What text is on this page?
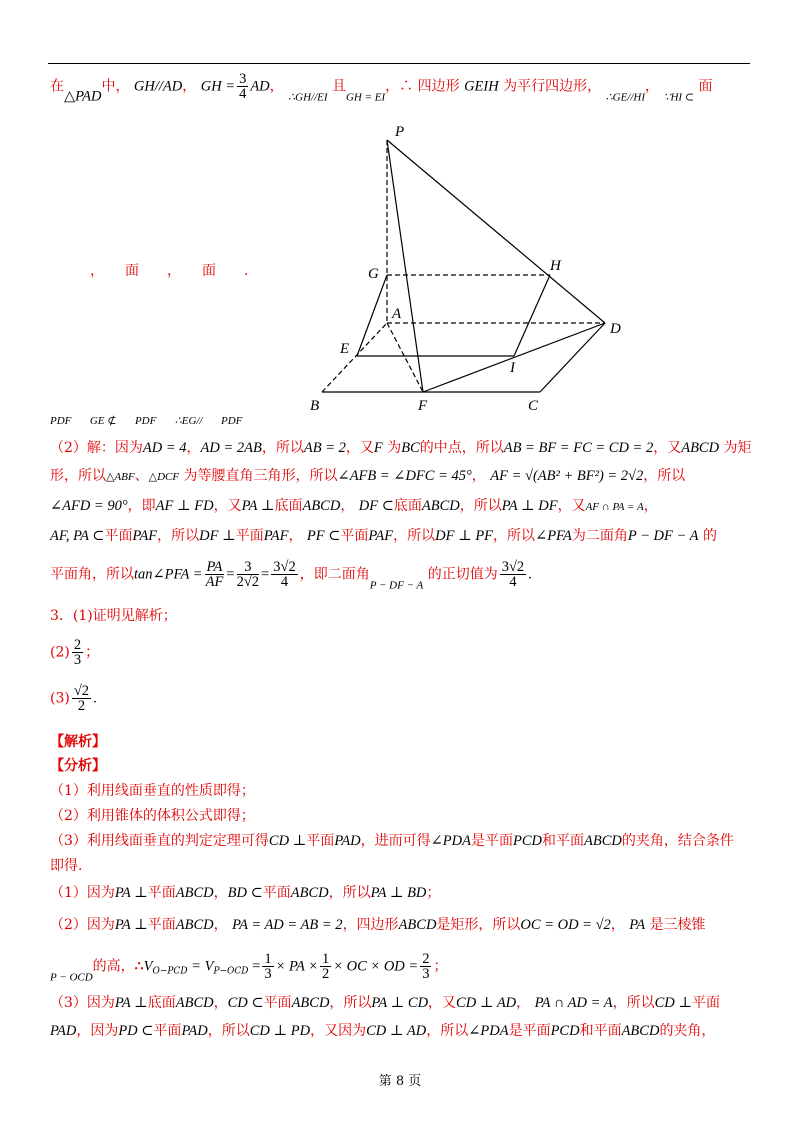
在△PAD中， GH//AD， GH = $\frac{3}{4}$ AD， $_{\therefore GH//EI}$ 且$_{GH = EI}$，∴ 四边形 GEIH 为平行四边形， $_{\therefore GE//HI}$， $_{\because HI \subset}$ 面
，　　面　　，　　面　　.
PDF  GE ⊄  PDF  ∴EG//  PDF
P
G	H
A
D
E
I
B	F	C
（2）解：因为AD = 4，AD = 2AB，所以AB = 2，又F 为BC的中点，所以AB = BF = FC = CD = 2，又ABCD 为矩
形，所以△ABF、△DCF 为等腰直角三角形，所以∠AFB = ∠DFC = 45°， AF = √(AB² + BF²) = 2√2，所以
∠AFD = 90°，即AF ⊥ FD，又PA ⊥底面ABCD， DF ⊂底面ABCD，所以PA ⊥ DF，又AF ∩ PA = A，
AF, PA ⊂平面PAF，所以DF ⊥平面PAF， PF ⊂平面PAF，所以DF ⊥ PF，所以∠PFA为二面角P − DF − A 的
平面角，所以tan∠PFA = $\frac{PA}{AF} = \frac{3}{2√2} = \frac{3√2}{4}$ ，即二面角$_{P - DF - A}$ 的正切值为 $\frac{3√2}{4}$ .
3．(1)证明见解析；
$(2) \frac{2}{3}$ ；
$(3) \frac{√2}{2}$ .
【解析】
【分析】
（1）利用线面垂直的性质即得；
（2）利用锥体的体积公式即得；
（3）利用线面垂直的判定定理可得CD ⊥平面PAD，进而可得∠PDA是平面PCD和平面ABCD的夹角，结合条件
即得.
（1）因为PA ⊥平面ABCD，BD ⊂平面ABCD，所以PA ⊥ BD；
（2）因为PA ⊥平面ABCD， PA = AD = AB = 2，四边形ABCD是矩形，所以OC = OD = √2， PA 是三棱锥
$_{P - OCD}$的高，$\therefore V_{O-PCD} = V_{P-OCD} = \frac{1}{3}$ × PA × $\frac{1}{2}$ × OC × OD = $\frac{2}{3}$ ；
（3）因为PA ⊥底面ABCD，CD ⊂平面ABCD，所以PA ⊥ CD，又CD ⊥ AD， PA ∩ AD = A，所以CD ⊥平面
PAD，因为PD ⊂平面PAD，所以CD ⊥ PD，又因为CD ⊥ AD，所以∠PDA是平面PCD和平面ABCD的夹角，
第 8 页
